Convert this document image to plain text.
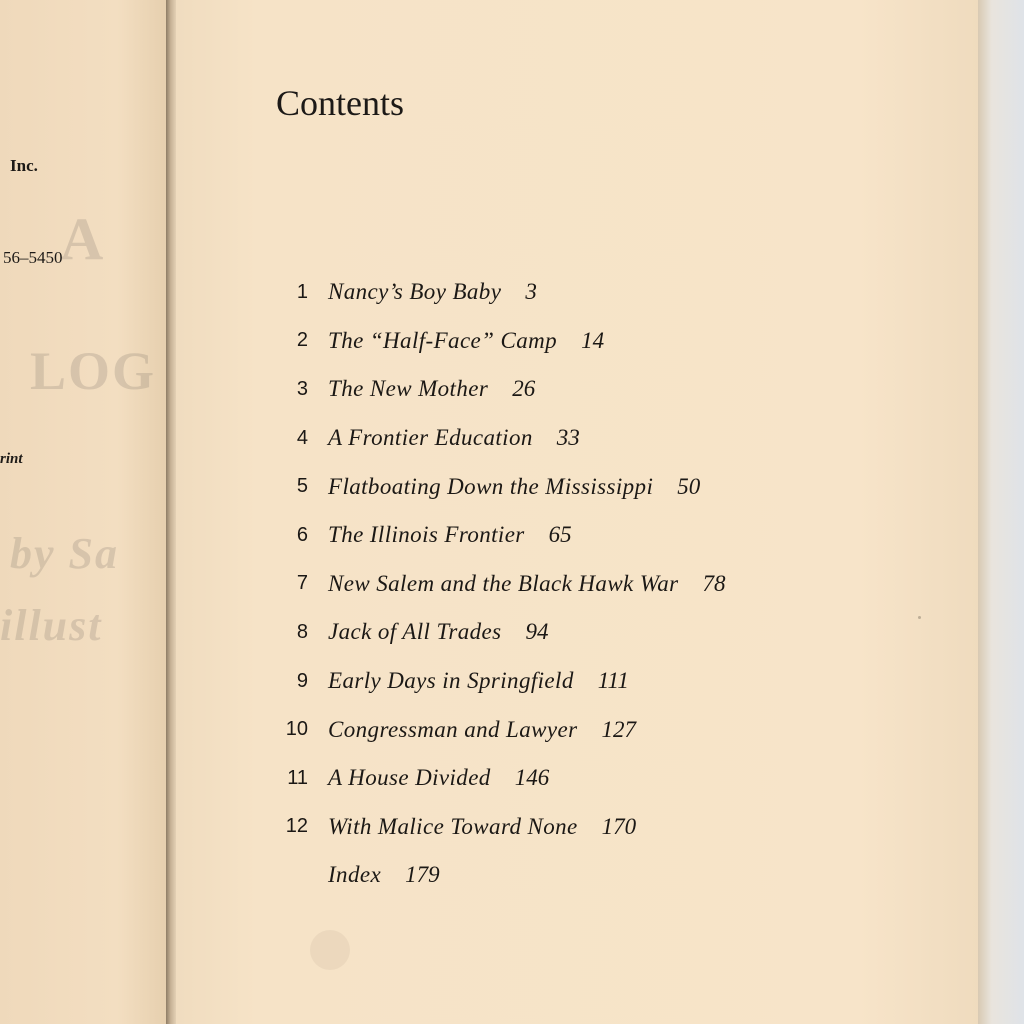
A
LOG
by Sa
illust
Inc.
56–5450
rint
Contents
1 Nancy’s Boy Baby 3
2 The “Half-Face” Camp 14
3 The New Mother 26
4 A Frontier Education 33
5 Flatboating Down the Mississippi 50
6 The Illinois Frontier 65
7 New Salem and the Black Hawk War 78
8 Jack of All Trades 94
9 Early Days in Springfield 111
10 Congressman and Lawyer 127
11 A House Divided 146
12 With Malice Toward None 170
Index 179
